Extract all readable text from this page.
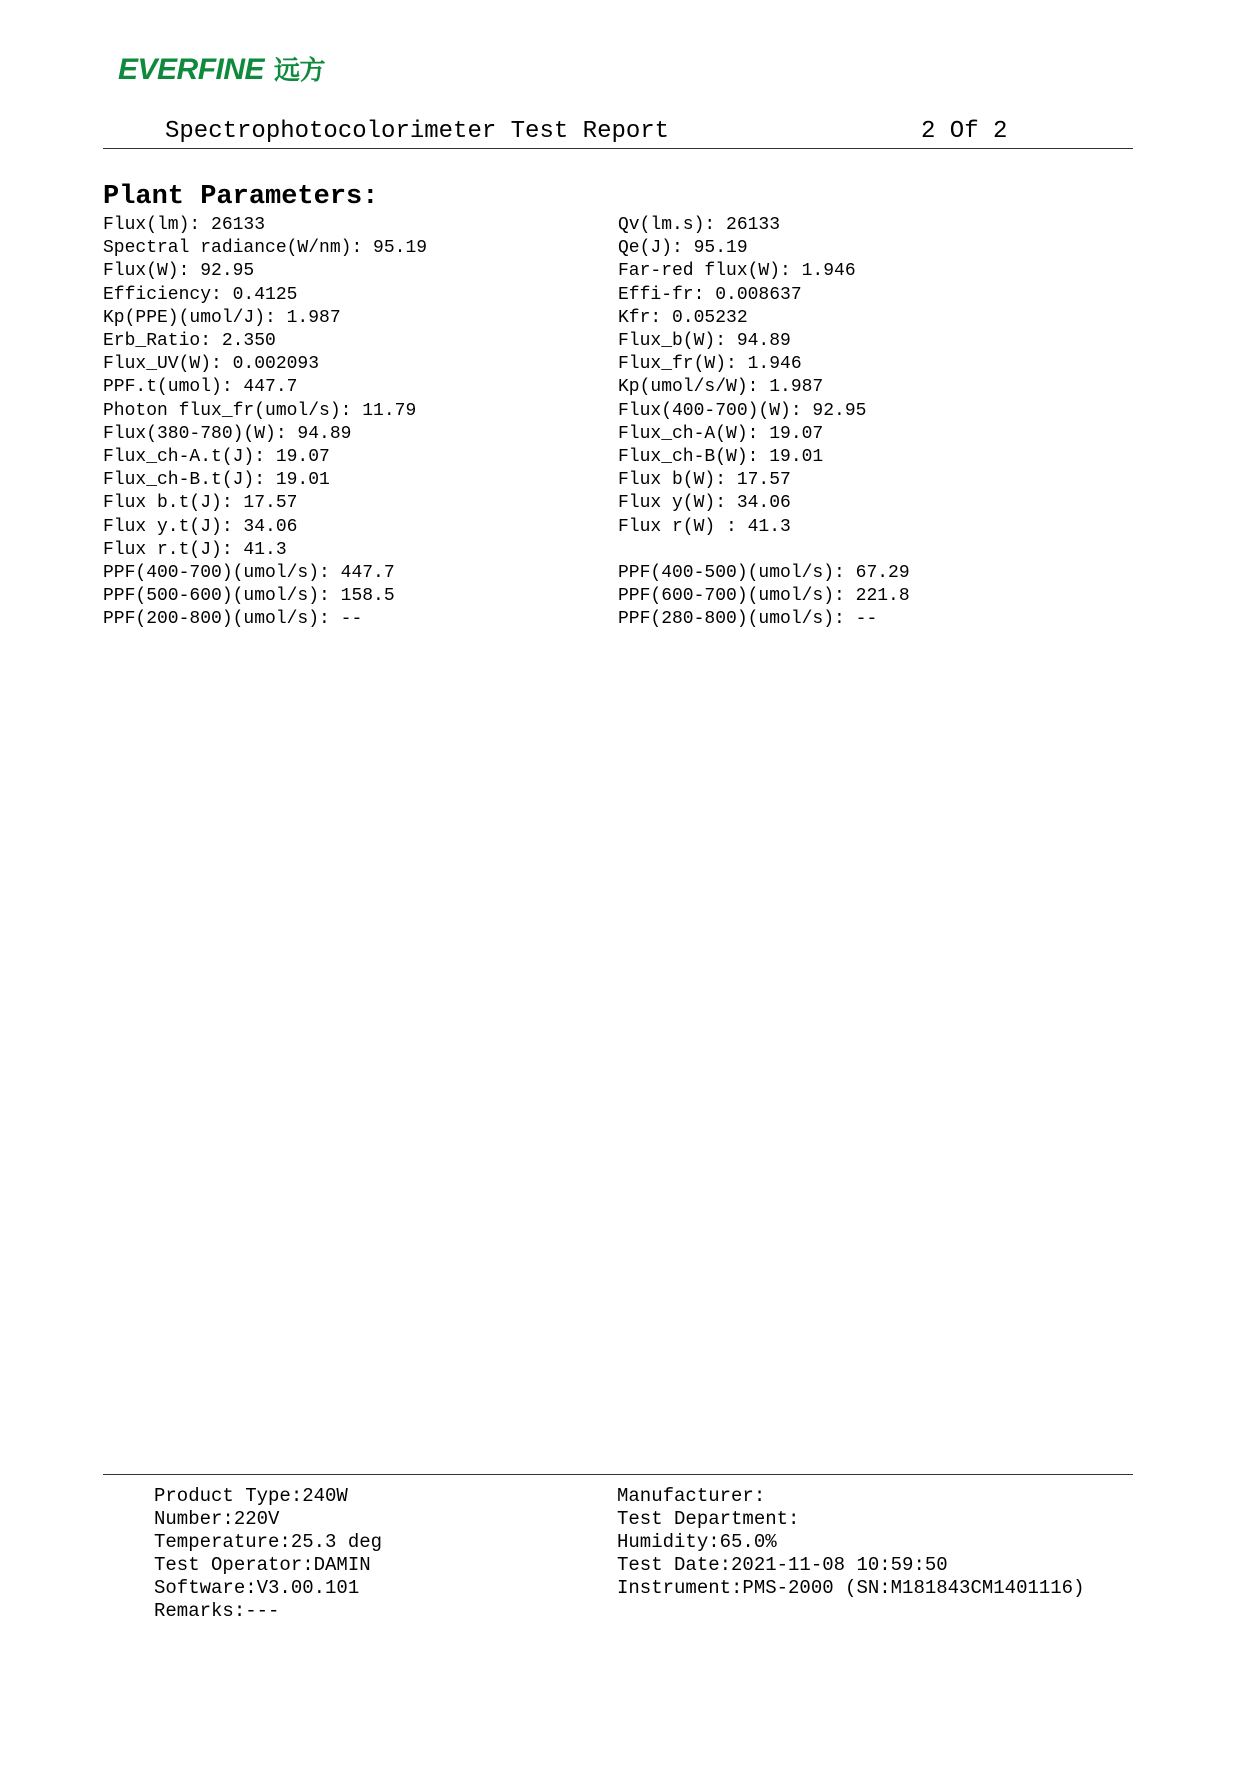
EVERFINE 远方
Spectrophotocolorimeter Test Report	2 Of 2
Plant Parameters:
Flux(lm): 26133
Spectral radiance(W/nm): 95.19
Flux(W): 92.95
Efficiency: 0.4125
Kp(PPE)(umol/J): 1.987
Erb_Ratio: 2.350
Flux_UV(W): 0.002093
PPF.t(umol): 447.7
Photon flux_fr(umol/s): 11.79
Flux(380-780)(W): 94.89
Flux_ch-A.t(J): 19.07
Flux_ch-B.t(J): 19.01
Flux b.t(J): 17.57
Flux y.t(J): 34.06
Flux r.t(J): 41.3
PPF(400-700)(umol/s): 447.7
PPF(500-600)(umol/s): 158.5
PPF(200-800)(umol/s): --
Qv(lm.s): 26133
Qe(J): 95.19
Far-red flux(W): 1.946
Effi-fr: 0.008637
Kfr: 0.05232
Flux_b(W): 94.89
Flux_fr(W): 1.946
Kp(umol/s/W): 1.987
Flux(400-700)(W): 92.95
Flux_ch-A(W): 19.07
Flux_ch-B(W): 19.01
Flux b(W): 17.57
Flux y(W): 34.06
Flux r(W) : 41.3

PPF(400-500)(umol/s): 67.29
PPF(600-700)(umol/s): 221.8
PPF(280-800)(umol/s): --
Product Type:240W
Number:220V
Temperature:25.3 deg
Test Operator:DAMIN
Software:V3.00.101
Remarks:---
Manufacturer:
Test Department:
Humidity:65.0%
Test Date:2021-11-08 10:59:50
Instrument:PMS-2000 (SN:M181843CM1401116)
